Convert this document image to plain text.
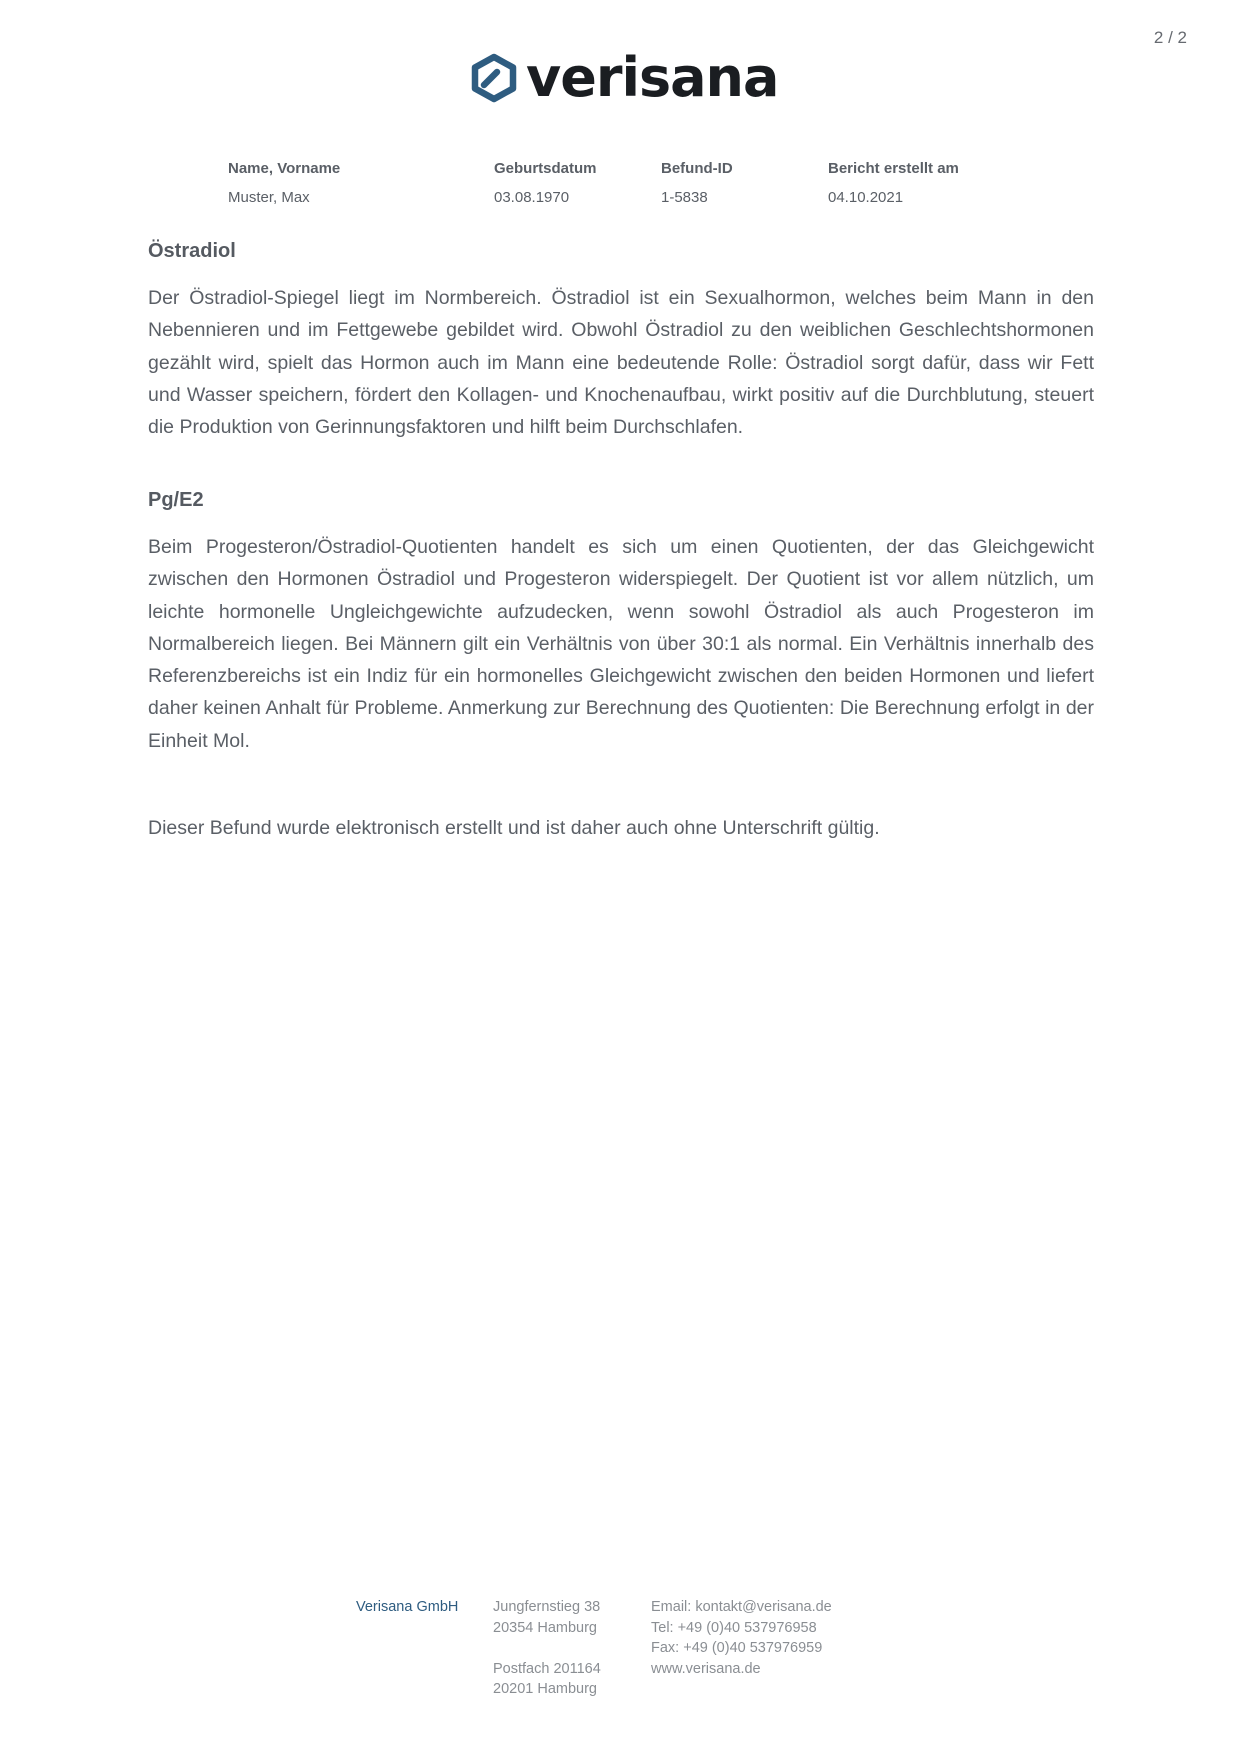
2 / 2
verisana
Name, Vorname
Muster, Max
Geburtsdatum
03.08.1970
Befund-ID
1-5838
Bericht erstellt am
04.10.2021
Östradiol
Der Östradiol-Spiegel liegt im Normbereich. Östradiol ist ein Sexualhormon, welches beim Mann in den Nebennieren und im Fettgewebe gebildet wird. Obwohl Östradiol zu den weiblichen Geschlechtshormonen gezählt wird, spielt das Hormon auch im Mann eine bedeutende Rolle: Östradiol sorgt dafür, dass wir Fett und Wasser speichern, fördert den Kollagen- und Knochenaufbau, wirkt positiv auf die Durchblutung, steuert die Produktion von Gerinnungsfaktoren und hilft beim Durchschlafen.
Pg/E2
Beim Progesteron/Östradiol-Quotienten handelt es sich um einen Quotienten, der das Gleichgewicht zwischen den Hormonen Östradiol und Progesteron widerspiegelt. Der Quotient ist vor allem nützlich, um leichte hormonelle Ungleichgewichte aufzudecken, wenn sowohl Östradiol als auch Progesteron im Normalbereich liegen. Bei Männern gilt ein Verhältnis von über 30:1 als normal. Ein Verhältnis innerhalb des Referenzbereichs ist ein Indiz für ein hormonelles Gleichgewicht zwischen den beiden Hormonen und liefert daher keinen Anhalt für Probleme. Anmerkung zur Berechnung des Quotienten: Die Berechnung erfolgt in der Einheit Mol.
Dieser Befund wurde elektronisch erstellt und ist daher auch ohne Unterschrift gültig.
Verisana GmbH Jungfernstieg 38
20354 Hamburg
Postfach 201164
20201 Hamburg
Email: kontakt@verisana.de
Tel: +49 (0)40 537976958
Fax: +49 (0)40 537976959
www.verisana.de
